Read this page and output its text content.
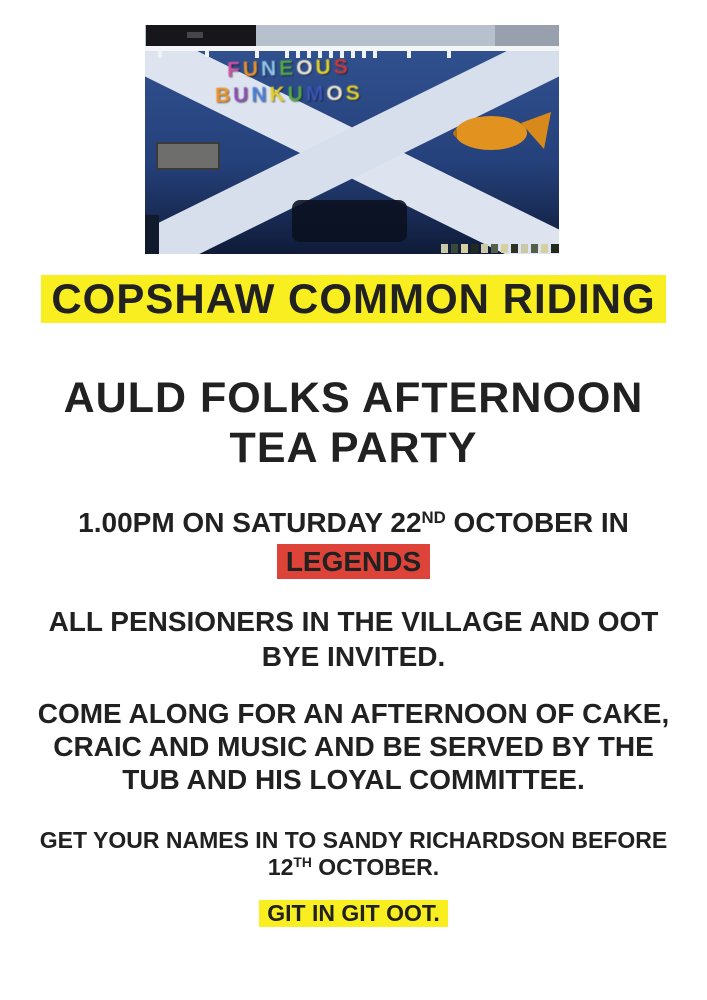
F U N E O U S
B U N K U M O S
COPSHAW COMMON RIDING
AULD FOLKS AFTERNOON
TEA PARTY
1.00PM ON SATURDAY 22ND OCTOBER IN
LEGENDS
ALL PENSIONERS IN THE VILLAGE AND OOT
BYE INVITED.
COME ALONG FOR AN AFTERNOON OF CAKE,
CRAIC AND MUSIC AND BE SERVED BY THE
TUB AND HIS LOYAL COMMITTEE.
GET YOUR NAMES IN TO SANDY RICHARDSON BEFORE
12TH OCTOBER.
GIT IN GIT OOT.
